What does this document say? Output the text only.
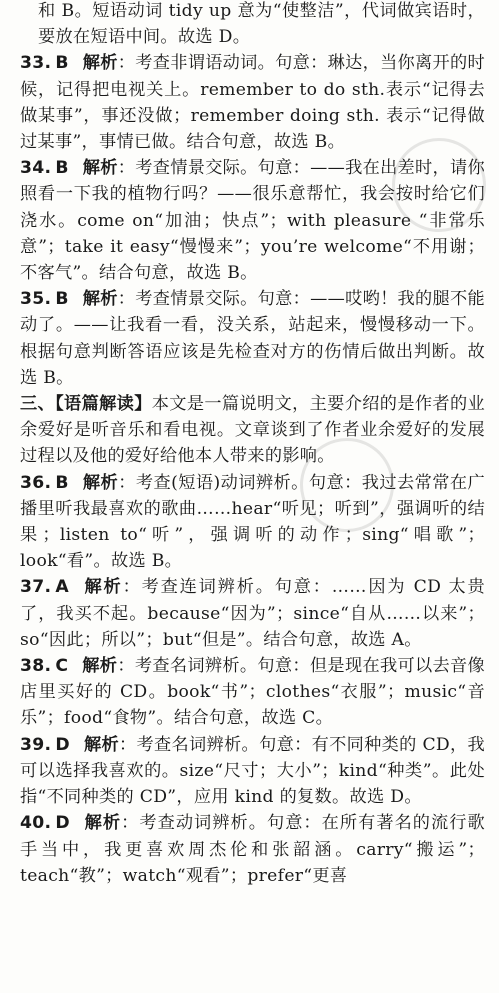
和 B。短语动词 tidy up 意为“使整洁”，代词做宾语时，要放在短语中间。故选 D。

33. B 解析：考查非谓语动词。句意：琳达，当你离开的时候，记得把电视关上。remember to do sth.表示“记得去做某事”，事还没做；remember doing sth. 表示“记得做过某事”，事情已做。结合句意，故选 B。

34. B 解析：考查情景交际。句意：——我在出差时，请你照看一下我的植物行吗？——很乐意帮忙，我会按时给它们浇水。come on“加油；快点”；with pleasure “非常乐意”；take it easy“慢慢来”；you’re welcome“不用谢；不客气”。结合句意，故选 B。

35. B 解析：考查情景交际。句意：——哎哟！我的腿不能动了。——让我看一看，没关系，站起来，慢慢移动一下。根据句意判断答语应该是先检查对方的伤情后做出判断。故选 B。

三、【语篇解读】本文是一篇说明文，主要介绍的是作者的业余爱好是听音乐和看电视。文章谈到了作者业余爱好的发展过程以及他的爱好给他本人带来的影响。

36. B 解析：考查(短语)动词辨析。句意：我过去常常在广播里听我最喜欢的歌曲……hear“听见；听到”，强调听的结果；listen to“听”，强调听的动作；sing“唱歌”；look“看”。故选 B。

37. A 解析：考查连词辨析。句意：……因为 CD 太贵了，我买不起。because“因为”；since“自从……以来”；so“因此；所以”；but“但是”。结合句意，故选 A。

38. C 解析：考查名词辨析。句意：但是现在我可以去音像店里买好的 CD。book“书”；clothes“衣服”；music“音乐”；food“食物”。结合句意，故选 C。

39. D 解析：考查名词辨析。句意：有不同种类的 CD，我可以选择我喜欢的。size“尺寸；大小”；kind“种类”。此处指“不同种类的 CD”，应用 kind 的复数。故选 D。

40. D 解析：考查动词辨析。句意：在所有著名的流行歌手当中，我更喜欢周杰伦和张韶涵。carry“搬运”；teach“教”；watch“观看”；prefer“更喜
